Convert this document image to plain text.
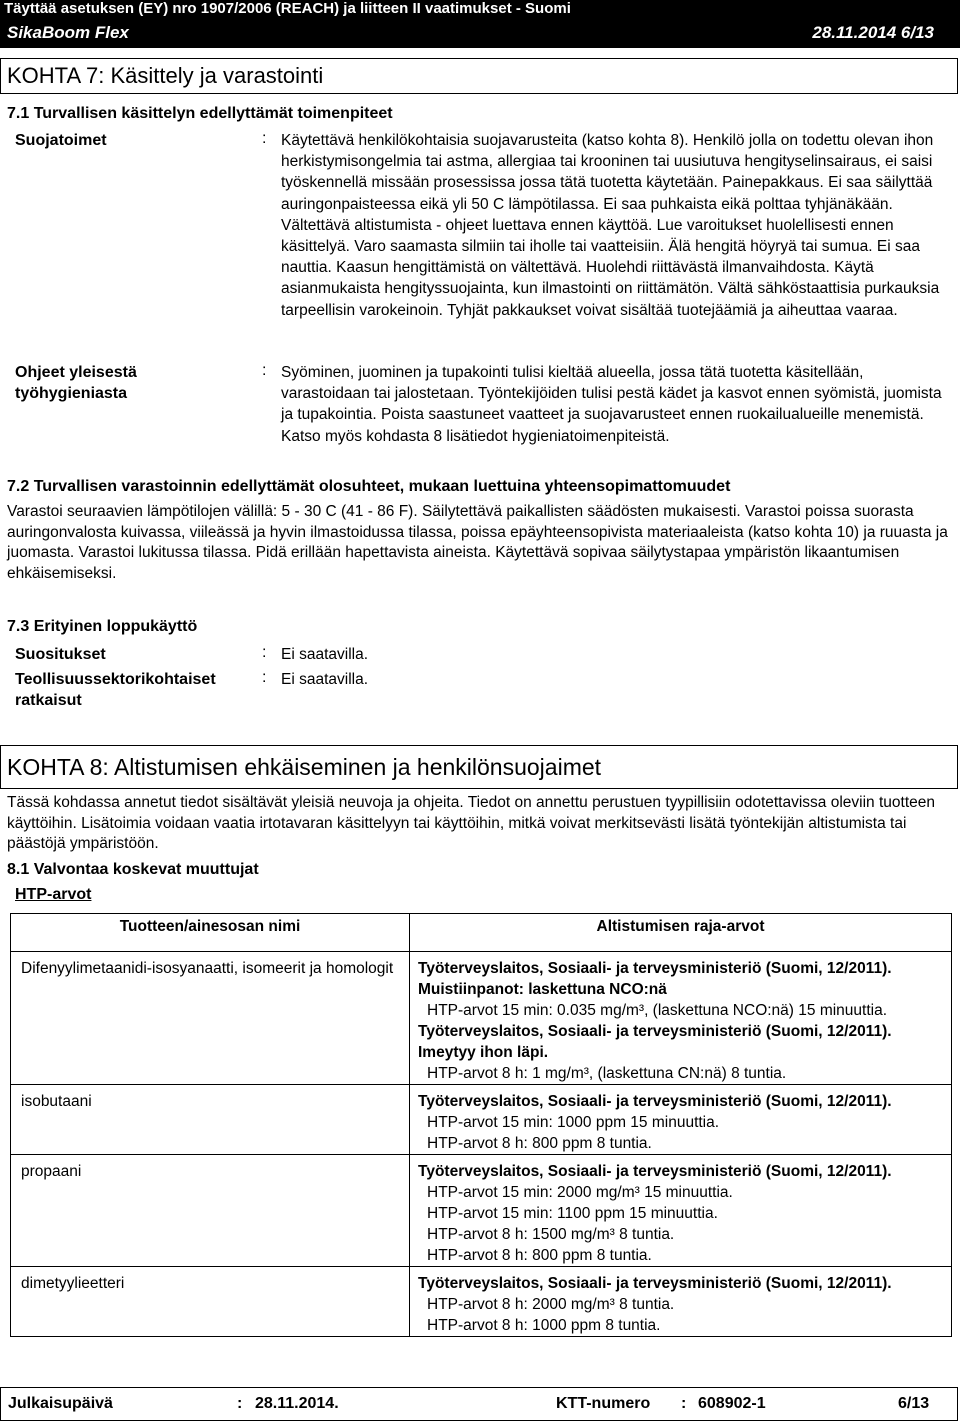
Täyttää asetuksen (EY) nro 1907/2006 (REACH) ja liitteen II vaatimukset - Suomi
SikaBoom Flex	28.11.2014 6/13
KOHTA 7: Käsittely ja varastointi
7.1 Turvallisen käsittelyn edellyttämät toimenpiteet
Suojatoimet	: Käytettävä henkilökohtaisia suojavarusteita (katso kohta 8). Henkilö jolla on todettu olevan ihon herkistymisongelmia tai astma, allergiaa tai krooninen tai uusiutuva hengityselinsairaus, ei saisi työskennellä missään prosessissa jossa tätä tuotetta käytetään. Painepakkaus. Ei saa säilyttää auringonpaisteessa eikä yli 50 C lämpötilassa. Ei saa puhkaista eikä polttaa tyhjänäkään. Vältettävä altistumista - ohjeet luettava ennen käyttöä. Lue varoitukset huolellisesti ennen käsittelyä. Varo saamasta silmiin tai iholle tai vaatteisiin. Älä hengitä höyryä tai sumua. Ei saa nauttia. Kaasun hengittämistä on vältettävä. Huolehdi riittävästä ilmanvaihdosta. Käytä asianmukaista hengityssuojainta, kun ilmastointi on riittämätön. Vältä sähköstaattisia purkauksia tarpeellisin varokeinoin. Tyhjät pakkaukset voivat sisältää tuotejäämiä ja aiheuttaa vaaraa.
Ohjeet yleisestä työhygieniasta
: Syöminen, juominen ja tupakointi tulisi kieltää alueella, jossa tätä tuotetta käsitellään, varastoidaan tai jalostetaan. Työntekijöiden tulisi pestä kädet ja kasvot ennen syömistä, juomista ja tupakointia. Poista saastuneet vaatteet ja suojavarusteet ennen ruokailualueille menemistä. Katso myös kohdasta 8 lisätiedot hygieniatoimenpiteistä.
7.2 Turvallisen varastoinnin edellyttämät olosuhteet, mukaan luettuina yhteensopimattomuudet
Varastoi seuraavien lämpötilojen välillä: 5 - 30 C (41 - 86 F). Säilytettävä paikallisten säädösten mukaisesti. Varastoi poissa suorasta auringonvalosta kuivassa, viileässä ja hyvin ilmastoidussa tilassa, poissa epäyhteensopivista materiaaleista (katso kohta 10) ja ruuasta ja juomasta. Varastoi lukitussa tilassa. Pidä erillään hapettavista aineista. Käytettävä sopivaa säilytystapaa ympäristön likaantumisen ehkäisemiseksi.
7.3 Erityinen loppukäyttö
Suositukset	: Ei saatavilla.
Teollisuussektorikohtaiset ratkaisut
: Ei saatavilla.
KOHTA 8: Altistumisen ehkäiseminen ja henkilönsuojaimet
Tässä kohdassa annetut tiedot sisältävät yleisiä neuvoja ja ohjeita. Tiedot on annettu perustuen tyypillisiin odotettavissa oleviin tuotteen käyttöihin. Lisätoimia voidaan vaatia irtotavaran käsittelyyn tai käyttöihin, mitkä voivat merkitsevästi lisätä työntekijän altistumista tai päästöjä ympäristöön.
8.1 Valvontaa koskevat muuttujat
HTP-arvot
Tuotteen/ainesosan nimi	Altistumisen raja-arvot

Difenyylimetaanidi-isosyanaatti, isomeerit ja homologit	Työterveyslaitos, Sosiaali- ja terveysministeriö (Suomi, 12/2011). Muistiinpanot: laskettuna NCO:nä
HTP-arvot 15 min: 0.035 mg/m³, (laskettuna NCO:nä) 15 minuuttia.
Työterveyslaitos, Sosiaali- ja terveysministeriö (Suomi, 12/2011). Imeytyy ihon läpi.
HTP-arvot 8 h: 1 mg/m³, (laskettuna CN:nä) 8 tuntia.

isobutaani	Työterveyslaitos, Sosiaali- ja terveysministeriö (Suomi, 12/2011).
HTP-arvot 15 min: 1000 ppm 15 minuuttia.
HTP-arvot 8 h: 800 ppm 8 tuntia.

propaani	Työterveyslaitos, Sosiaali- ja terveysministeriö (Suomi, 12/2011).
HTP-arvot 15 min: 2000 mg/m³ 15 minuuttia.
HTP-arvot 15 min: 1100 ppm 15 minuuttia.
HTP-arvot 8 h: 1500 mg/m³ 8 tuntia.
HTP-arvot 8 h: 800 ppm 8 tuntia.

dimetyylieetteri	Työterveyslaitos, Sosiaali- ja terveysministeriö (Suomi, 12/2011).
HTP-arvot 8 h: 2000 mg/m³ 8 tuntia.
HTP-arvot 8 h: 1000 ppm 8 tuntia.
Julkaisupäivä	: 28.11.2014.	KTT-numero : 608902-1	6/13
